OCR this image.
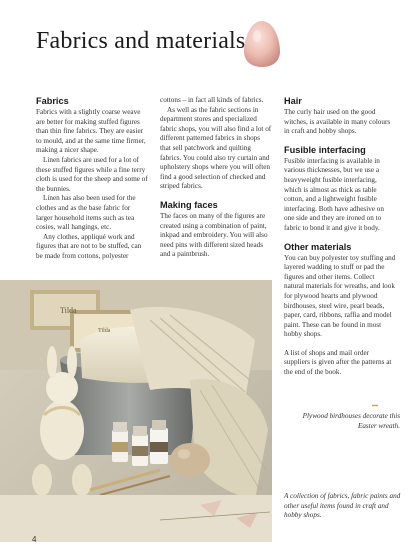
Fabrics and materials
Fabrics

Fabrics with a slightly coarse weave are better for making stuffed figures than thin fine fabrics. They are easier to mould, and at the same time firmer, making a nicer shape.

Linen fabrics are used for a lot of these stuffed figures while a fine terry cloth is used for the sheep and some of the bunnies.

Linen has also been used for the clothes and as the base fabric for larger household items such as tea cosies, wall hangings, etc.

Any clothes, appliqué work and figures that are not to be stuffed, can be made from cottons, polyester

cottons – in fact all kinds of fabrics.

As well as the fabric sections in department stores and specialized fabric shops, you will also find a lot of different patterned fabrics in shops that sell patchwork and quilting fabrics. You could also try curtain and upholstery shops where you will often find a good selection of checked and striped fabrics.

Making faces

The faces on many of the figures are created using a combination of paint, inkpad and embroidery. You will also need pins with different sized heads and a paintbrush.

Hair

The curly hair used on the good witches, is available in many colours in craft and hobby shops.

Fusible interfacing

Fusible interfacing is available in various thicknesses, but we use a heavyweight fusible interfacing, which is almost as thick as table cotton, and a lightweight fusible interfacing. Both have adhesive on one side and they are ironed on to fabric to bond it and give it body.

Other materials

You can buy polyester toy stuffing and layered wadding to stuff or pad the figures and other items. Collect natural materials for wreaths, and look for plywood hearts and plywood birdhouses, steel wire, pearl beads, paper, card, ribbons, raffia and model paint. These can be found in most hobby shops.

A list of shops and mail order suppliers is given after the patterns at the end of the book.

Tilda
Tilda

Plywood birdhouses decorate this Easter wreath.

A collection of fabrics, fabric paints and other useful items found in craft and hobby shops.

4
